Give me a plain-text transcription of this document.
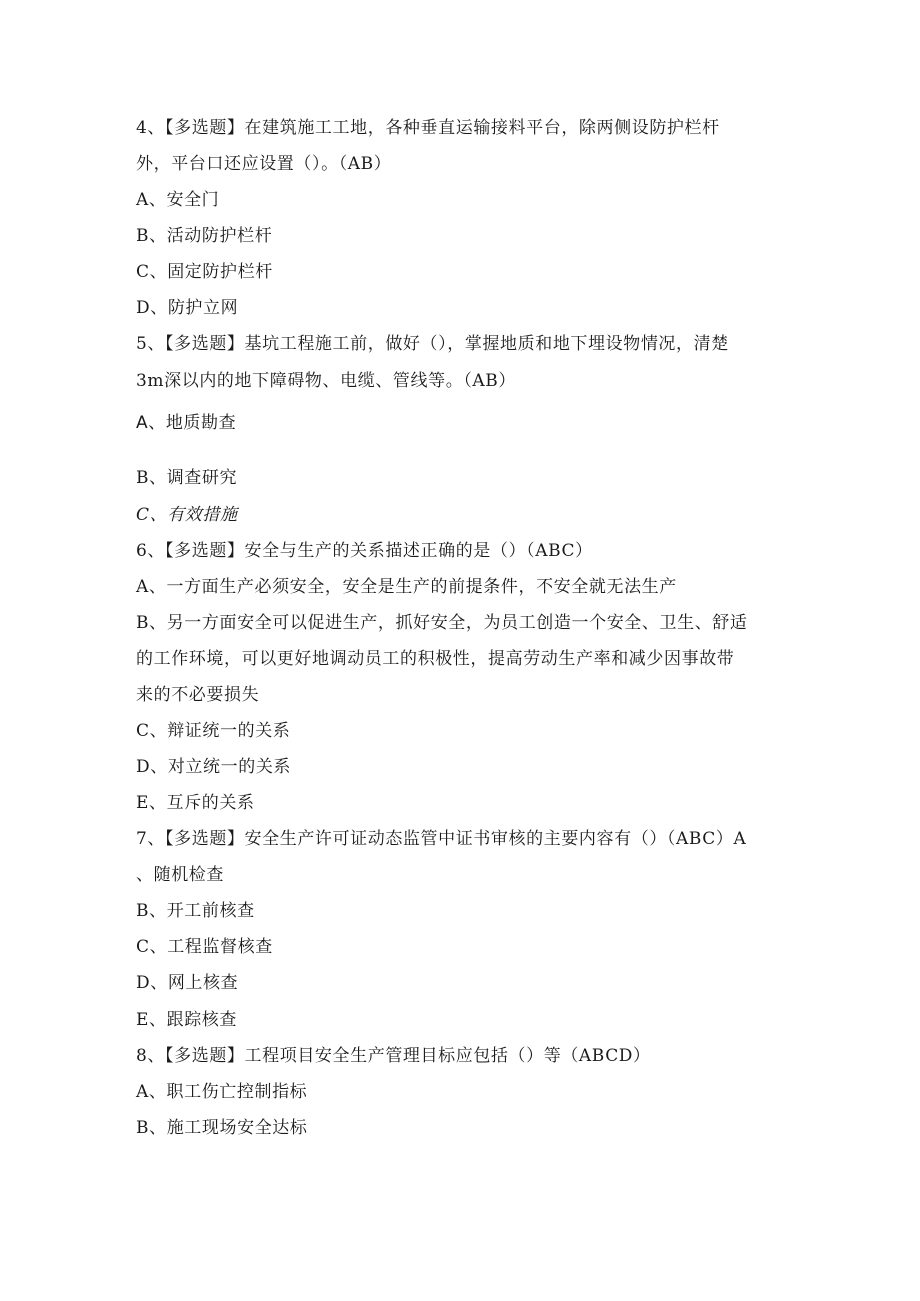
4、【多选题】在建筑施工工地，各种垂直运输接料平台，除两侧设防护栏杆
外，平台口还应设置（）。（AB）
A、安全门
B、活动防护栏杆
C、固定防护栏杆
D、防护立网
5、【多选题】基坑工程施工前，做好（），掌握地质和地下埋设物情况，清楚
3m深以内的地下障碍物、电缆、管线等。（AB）
A、地质勘查
B、调查研究
C、有效措施
6、【多选题】安全与生产的关系描述正确的是（）（ABC）
A、一方面生产必须安全，安全是生产的前提条件，不安全就无法生产
B、另一方面安全可以促进生产，抓好安全，为员工创造一个安全、卫生、舒适
的工作环境，可以更好地调动员工的积极性，提高劳动生产率和减少因事故带
来的不必要损失
C、辩证统一的关系
D、对立统一的关系
E、互斥的关系
7、【多选题】安全生产许可证动态监管中证书审核的主要内容有（）（ABC）A
、随机检查
B、开工前核查
C、工程监督核查
D、网上核查
E、跟踪核查
8、【多选题】工程项目安全生产管理目标应包括（）等（ABCD）
A、职工伤亡控制指标
B、施工现场安全达标
